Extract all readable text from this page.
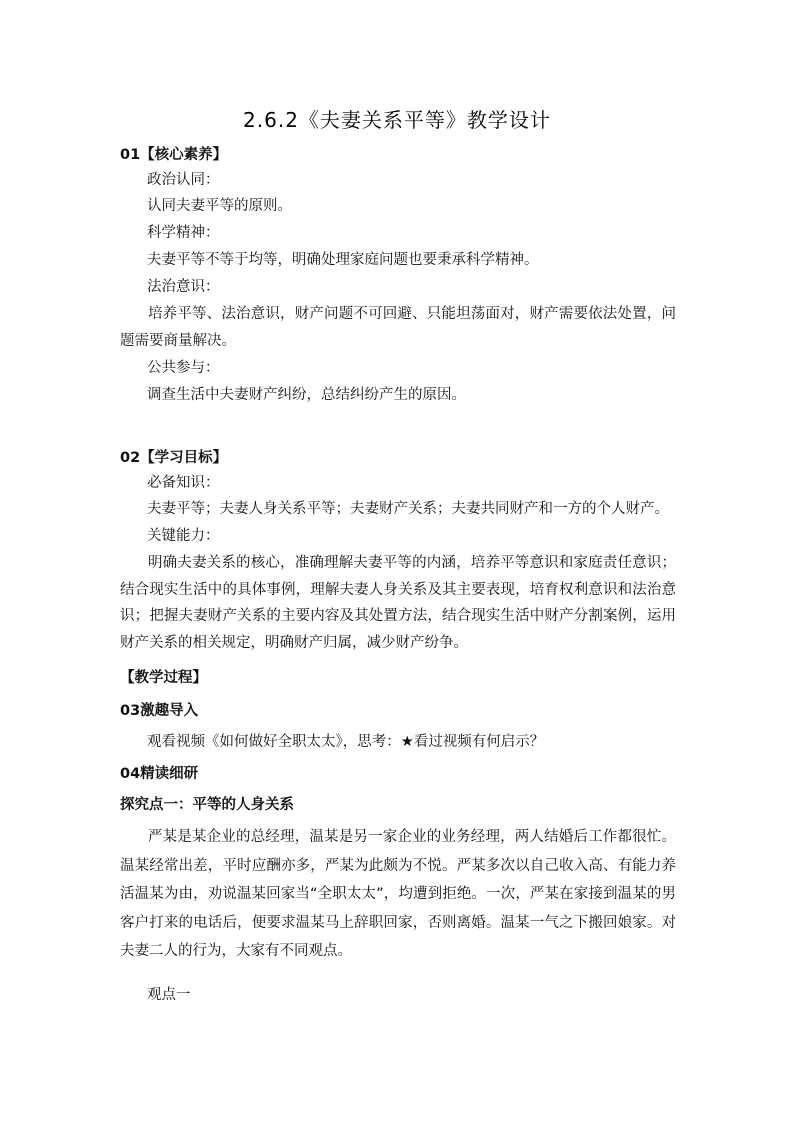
2.6.2《夫妻关系平等》教学设计
01【核心素养】
政治认同：
认同夫妻平等的原则。
科学精神：
夫妻平等不等于均等，明确处理家庭问题也要秉承科学精神。
法治意识：
培养平等、法治意识，财产问题不可回避、只能坦荡面对，财产需要依法处置，问题需要商量解决。
公共参与：
调查生活中夫妻财产纠纷，总结纠纷产生的原因。
02【学习目标】
必备知识：
夫妻平等；夫妻人身关系平等；夫妻财产关系；夫妻共同财产和一方的个人财产。
关键能力：
明确夫妻关系的核心，准确理解夫妻平等的内涵，培养平等意识和家庭责任意识；结合现实生活中的具体事例，理解夫妻人身关系及其主要表现，培育权利意识和法治意识；把握夫妻财产关系的主要内容及其处置方法，结合现实生活中财产分割案例，运用财产关系的相关规定，明确财产归属，减少财产纷争。
【教学过程】
03激趣导入
观看视频《如何做好全职太太》，思考：★看过视频有何启示？
04精读细研
探究点一：平等的人身关系
严某是某企业的总经理，温某是另一家企业的业务经理，两人结婚后工作都很忙。温某经常出差，平时应酬亦多，严某为此颇为不悦。严某多次以自己收入高、有能力养活温某为由，劝说温某回家当“全职太太”，均遭到拒绝。一次，严某在家接到温某的男客户打来的电话后，便要求温某马上辞职回家，否则离婚。温某一气之下搬回娘家。对夫妻二人的行为，大家有不同观点。
观点一
